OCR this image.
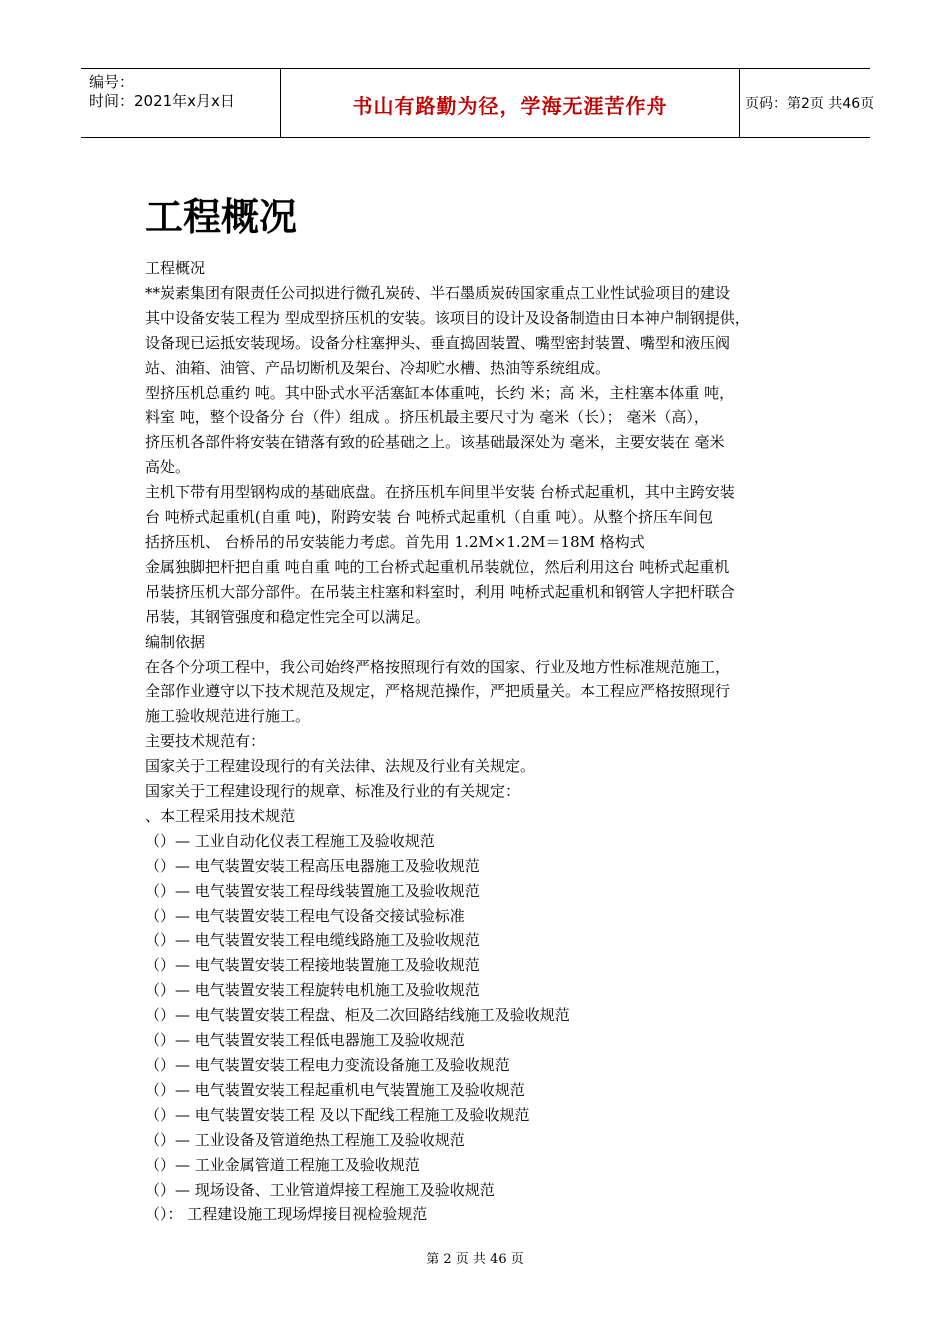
编号：
时间：2021年x月x日	书山有路勤为径，学海无涯苦作舟	页码：第2页 共46页
工程概况

工程概况

**炭素集团有限责任公司拟进行微孔炭砖、半石墨质炭砖国家重点工业性试验项目的建设

其中设备安装工程为 型成型挤压机的安装。该项目的设计及设备制造由日本神户制钢提供，

设备现已运抵安装现场。设备分柱塞押头、垂直捣固装置、嘴型密封装置、嘴型和液压阀

站、油箱、油管、产品切断机及架台、冷却贮水槽、热油等系统组成。

型挤压机总重约 吨。其中卧式水平活塞缸本体重吨，长约 米；高 米，主柱塞本体重 吨，

料室 吨，整个设备分 台（件）组成 。挤压机最主要尺寸为 毫米（长）； 毫米（高），

挤压机各部件将安装在错落有致的砼基础之上。该基础最深处为 毫米，主要安装在 毫米

高处。

主机下带有用型钢构成的基础底盘。在挤压机车间里半安装 台桥式起重机，其中主跨安装

台 吨桥式起重机(自重 吨)，附跨安装 台 吨桥式起重机（自重 吨）。从整个挤压车间包

括挤压机、 台桥吊的吊安装能力考虑。首先用 1.2M×1.2M＝18M 格构式

金属独脚把杆把自重 吨自重 吨的工台桥式起重机吊装就位，然后利用这台 吨桥式起重机

吊装挤压机大部分部件。在吊装主柱塞和料室时，利用 吨桥式起重机和钢管人字把杆联合

吊装，其钢管强度和稳定性完全可以满足。

编制依据

在各个分项工程中，我公司始终严格按照现行有效的国家、行业及地方性标准规范施工，

全部作业遵守以下技术规范及规定，严格规范操作，严把质量关。本工程应严格按照现行

施工验收规范进行施工。

主要技术规范有：

国家关于工程建设现行的有关法律、法规及行业有关规定。

国家关于工程建设现行的规章、标准及行业的有关规定：

、本工程采用技术规范

（）— 工业自动化仪表工程施工及验收规范

（）— 电气装置安装工程高压电器施工及验收规范

（）— 电气装置安装工程母线装置施工及验收规范

（）— 电气装置安装工程电气设备交接试验标准

（）— 电气装置安装工程电缆线路施工及验收规范

（）— 电气装置安装工程接地装置施工及验收规范

（）— 电气装置安装工程旋转电机施工及验收规范

（）— 电气装置安装工程盘、柜及二次回路结线施工及验收规范

（）— 电气装置安装工程低电器施工及验收规范

（）— 电气装置安装工程电力变流设备施工及验收规范

（）— 电气装置安装工程起重机电气装置施工及验收规范

（）— 电气装置安装工程 及以下配线工程施工及验收规范

（）— 工业设备及管道绝热工程施工及验收规范

（）— 工业金属管道工程施工及验收规范

（）— 现场设备、工业管道焊接工程施工及验收规范

（）： 工程建设施工现场焊接目视检验规范

第 2 页 共 46 页
